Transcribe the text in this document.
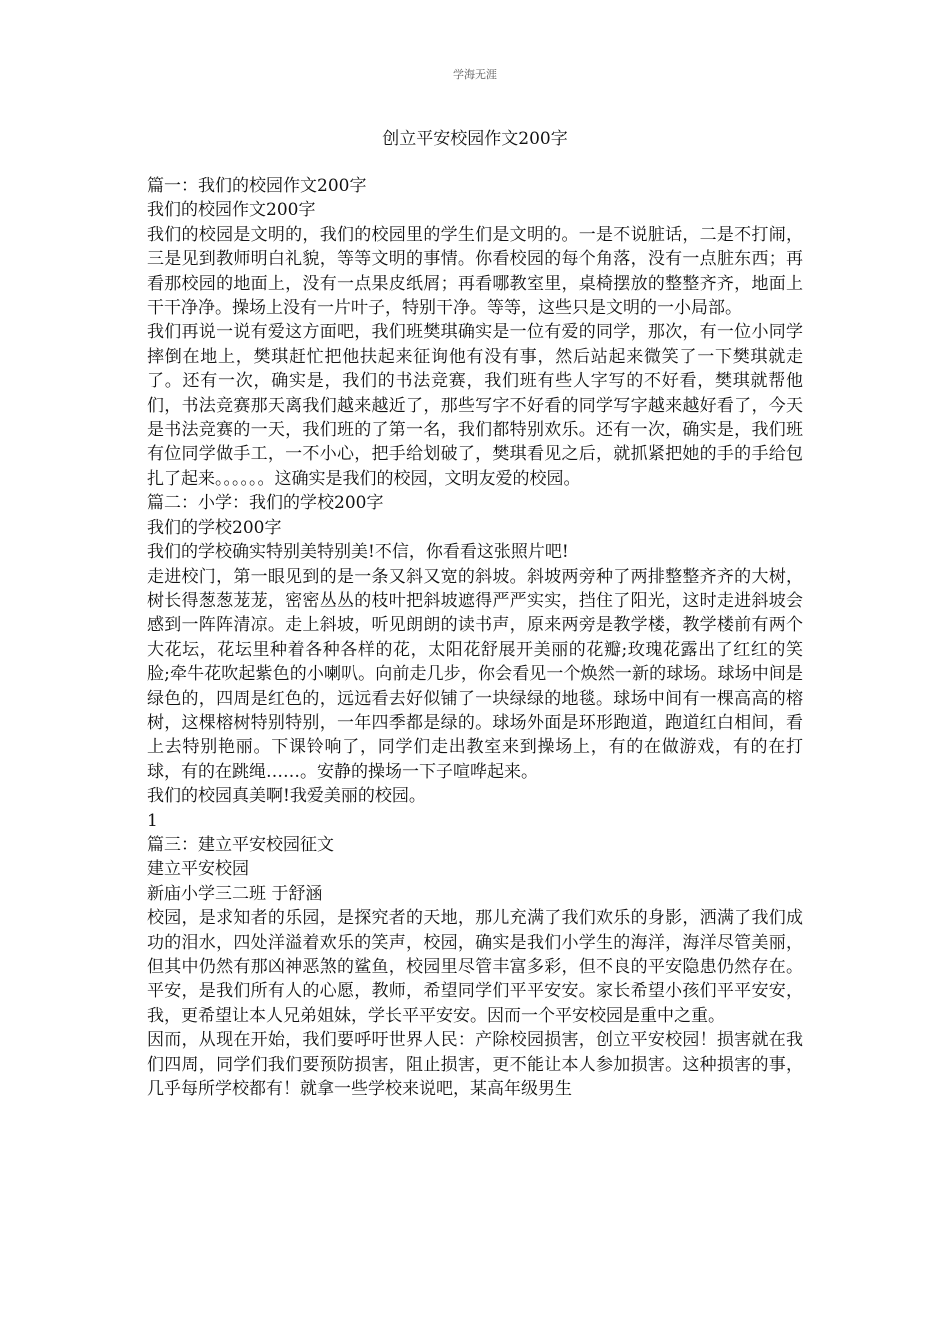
学海无涯
创立平安校园作文200字

篇一：我们的校园作文200字

我们的校园作文200字

我们的校园是文明的，我们的校园里的学生们是文明的。一是不说脏话，二是不打闹，三是见到教师明白礼貌，等等文明的事情。你看校园的每个角落，没有一点脏东西；再看那校园的地面上，没有一点果皮纸屑；再看哪教室里，桌椅摆放的整整齐齐，地面上干干净净。操场上没有一片叶子，特别干净。等等，这些只是文明的一小局部。

我们再说一说有爱这方面吧，我们班樊琪确实是一位有爱的同学，那次，有一位小同学摔倒在地上，樊琪赶忙把他扶起来征询他有没有事，然后站起来微笑了一下樊琪就走了。还有一次，确实是，我们的书法竞赛，我们班有些人字写的不好看，樊琪就帮他们，书法竞赛那天离我们越来越近了，那些写字不好看的同学写字越来越好看了，今天是书法竞赛的一天，我们班的了第一名，我们都特别欢乐。还有一次，确实是，我们班有位同学做手工，一不小心，把手给划破了，樊琪看见之后，就抓紧把她的手的手给包扎了起来。。。。。。这确实是我们的校园，文明友爱的校园。

篇二：小学：我们的学校200字

我们的学校200字

我们的学校确实特别美特别美!不信，你看看这张照片吧!

走进校门，第一眼见到的是一条又斜又宽的斜坡。斜坡两旁种了两排整整齐齐的大树，树长得葱葱茏茏，密密丛丛的枝叶把斜坡遮得严严实实，挡住了阳光，这时走进斜坡会感到一阵阵清凉。走上斜坡，听见朗朗的读书声，原来两旁是教学楼，教学楼前有两个大花坛，花坛里种着各种各样的花，太阳花舒展开美丽的花瓣;玫瑰花露出了红红的笑脸;牵牛花吹起紫色的小喇叭。向前走几步，你会看见一个焕然一新的球场。球场中间是绿色的，四周是红色的，远远看去好似铺了一块绿绿的地毯。球场中间有一棵高高的榕树，这棵榕树特别特别，一年四季都是绿的。球场外面是环形跑道，跑道红白相间，看上去特别艳丽。下课铃响了，同学们走出教室来到操场上，有的在做游戏，有的在打球，有的在跳绳……。安静的操场一下子喧哗起来。

我们的校园真美啊!我爱美丽的校园。

1

篇三：建立平安校园征文

建立平安校园

新庙小学三二班 于舒涵

校园，是求知者的乐园，是探究者的天地，那儿充满了我们欢乐的身影，洒满了我们成功的泪水，四处洋溢着欢乐的笑声，校园，确实是我们小学生的海洋，海洋尽管美丽，但其中仍然有那凶神恶煞的鲨鱼，校园里尽管丰富多彩，但不良的平安隐患仍然存在。平安，是我们所有人的心愿，教师，希望同学们平平安安。家长希望小孩们平平安安，我，更希望让本人兄弟姐妹，学长平平安安。因而一个平安校园是重中之重。

因而，从现在开始，我们要呼吁世界人民：产除校园损害，创立平安校园！损害就在我们四周，同学们我们要预防损害，阻止损害，更不能让本人参加损害。这种损害的事，几乎每所学校都有！就拿一些学校来说吧，某高年级男生
